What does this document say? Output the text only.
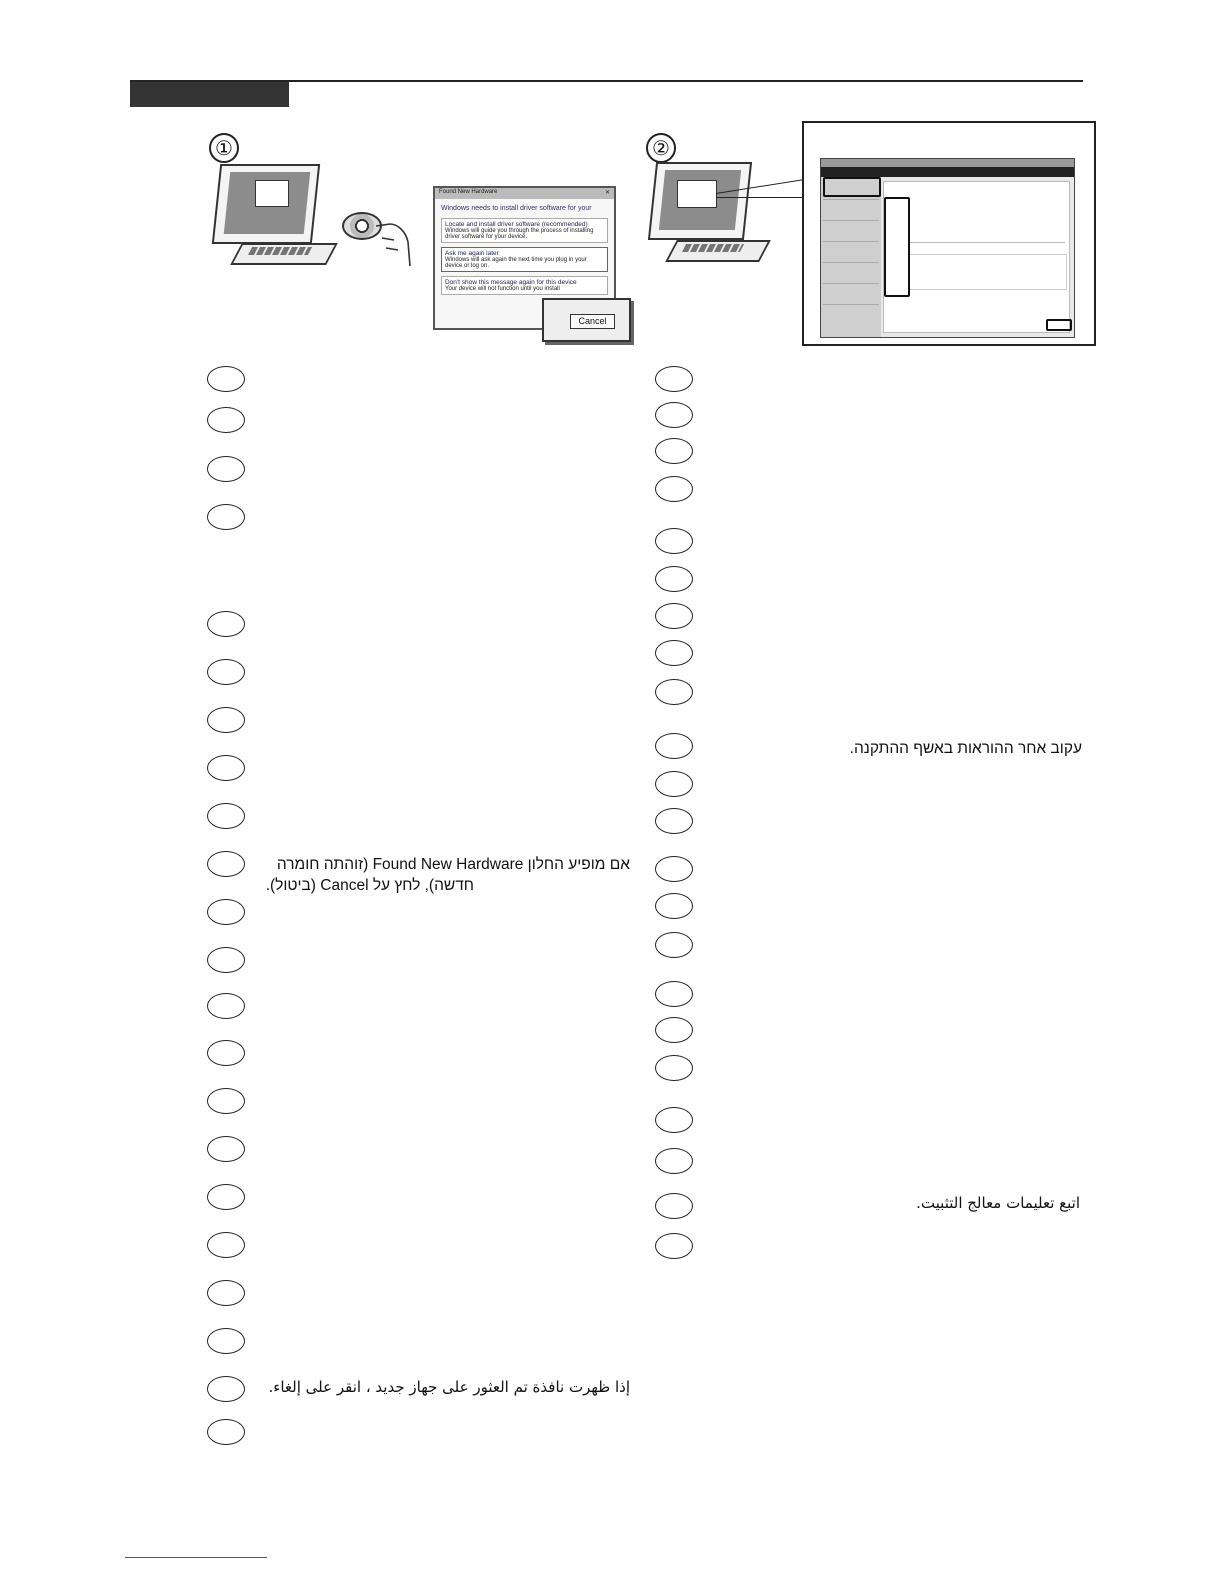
①
Found New Hardware	✕
Windows needs to install driver software for your
Locate and install driver software (recommended)
Windows will guide you through the process of installing driver software for your device.
Ask me again later
Windows will ask again the next time you plug in your device or log on.
Don't show this message again for this device
Your device will not function until you install
Cancel
②
אם מופיע החלון Found New Hardware (זוהתה חומרה
חדשה), לחץ על Cancel (ביטול).
إذا ظهرت نافذة تم العثور على جهاز جديد ، انقر على إلغاء.
עקוב אחר ההוראות באשף ההתקנה.
اتبع تعليمات معالج التثبيت.
